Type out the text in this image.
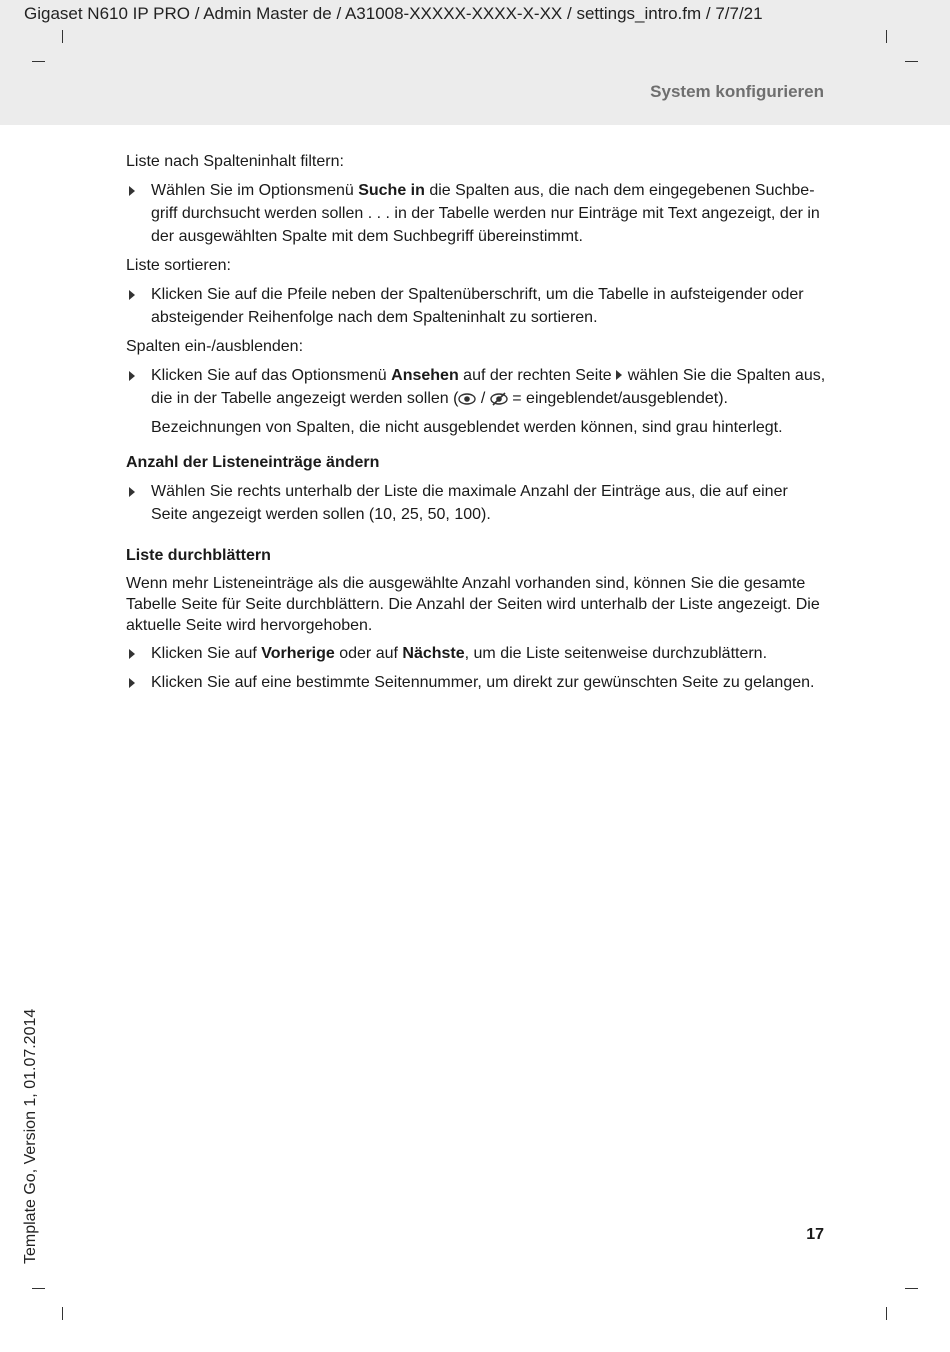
Gigaset N610 IP PRO / Admin Master de / A31008-XXXXX-XXXX-X-XX / settings_intro.fm / 7/7/21
System konfigurieren

Liste nach Spalteninhalt filtern:

Wählen Sie im Optionsmenü Suche in die Spalten aus, die nach dem eingegebenen Suchbe-griff durchsucht werden sollen . . . in der Tabelle werden nur Einträge mit Text angezeigt, der in der ausgewählten Spalte mit dem Suchbegriff übereinstimmt.

Liste sortieren:

Klicken Sie auf die Pfeile neben der Spaltenüberschrift, um die Tabelle in aufsteigender oder absteigender Reihenfolge nach dem Spalteninhalt zu sortieren.

Spalten ein-/ausblenden:

Klicken Sie auf das Optionsmenü Ansehen auf der rechten Seite wählen Sie die Spalten aus, die in der Tabelle angezeigt werden sollen ( /  = eingeblendet/ausgeblendet).

Bezeichnungen von Spalten, die nicht ausgeblendet werden können, sind grau hinterlegt.

Anzahl der Listeneinträge ändern

Wählen Sie rechts unterhalb der Liste die maximale Anzahl der Einträge aus, die auf einer Seite angezeigt werden sollen (10, 25, 50, 100).

Liste durchblättern

Wenn mehr Listeneinträge als die ausgewählte Anzahl vorhanden sind, können Sie die gesamte Tabelle Seite für Seite durchblättern. Die Anzahl der Seiten wird unterhalb der Liste angezeigt. Die aktuelle Seite wird hervorgehoben.

Klicken Sie auf Vorherige oder auf Nächste, um die Liste seitenweise durchzublättern.
Klicken Sie auf eine bestimmte Seitennummer, um direkt zur gewünschten Seite zu gelangen.
Template Go, Version 1, 01.07.2014	17
